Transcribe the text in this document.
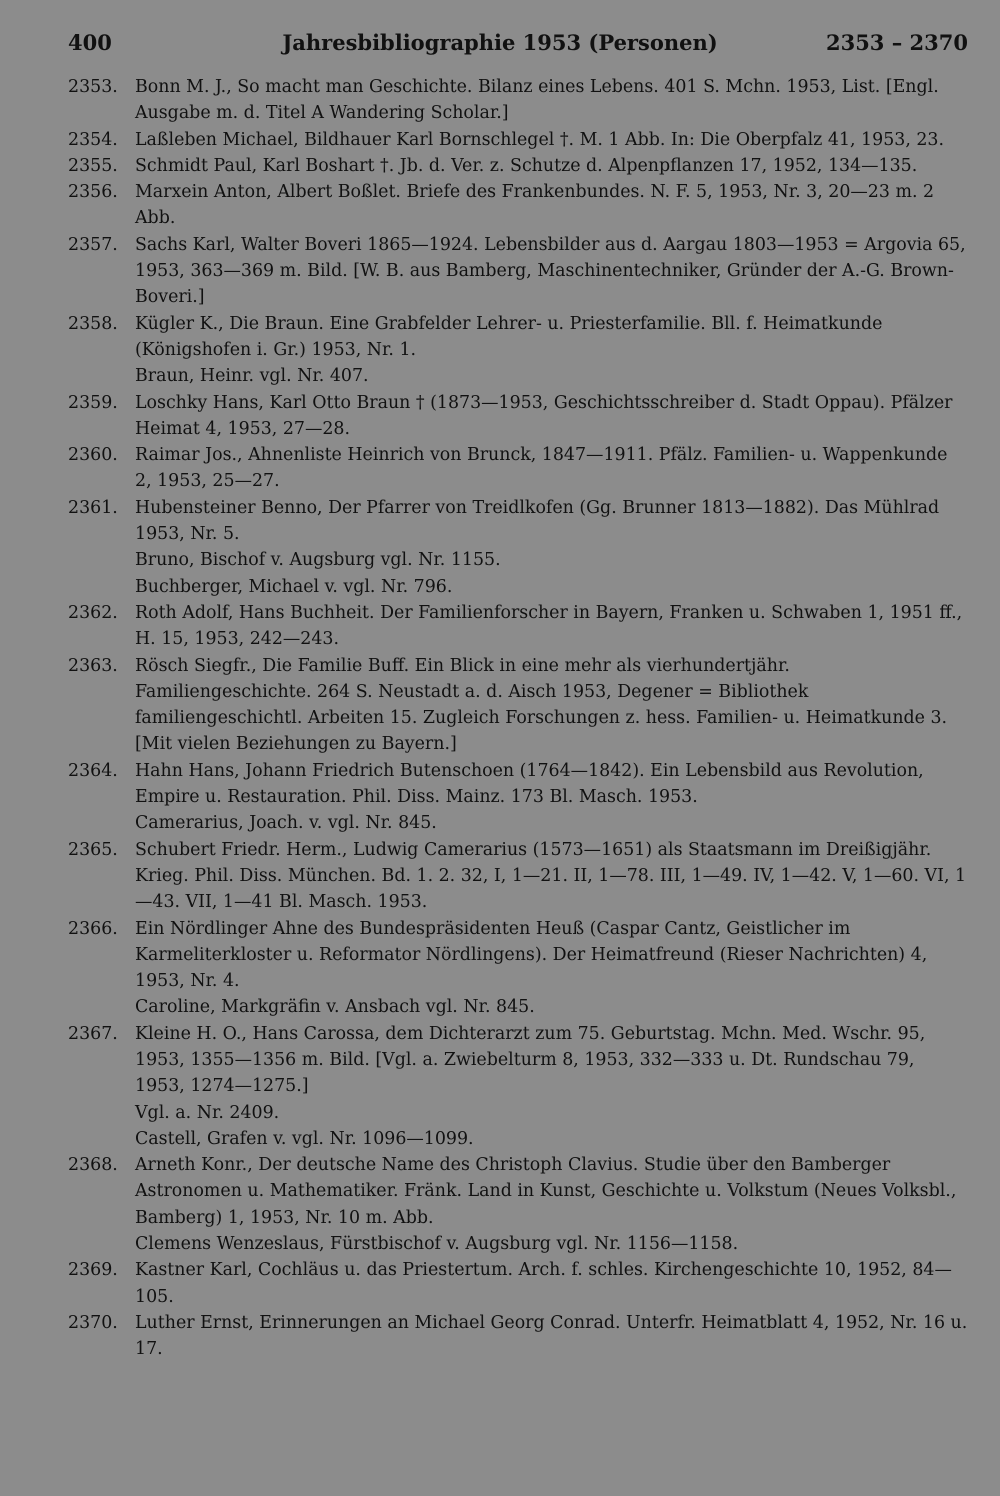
400	Jahresbibliographie 1953 (Personen)	2353 – 2370
2353. Bonn M. J., So macht man Geschichte. Bilanz eines Lebens. 401 S. Mchn. 1953, List. [Engl. Ausgabe m. d. Titel A Wandering Scholar.]
2354. Laßleben Michael, Bildhauer Karl Bornschlegel †. M. 1 Abb. In: Die Oberpfalz 41, 1953, 23.
2355. Schmidt Paul, Karl Boshart †. Jb. d. Ver. z. Schutze d. Alpenpflanzen 17, 1952, 134—135.
2356. Marxein Anton, Albert Boßlet. Briefe des Frankenbundes. N. F. 5, 1953, Nr. 3, 20—23 m. 2 Abb.
2357. Sachs Karl, Walter Boveri 1865—1924. Lebensbilder aus d. Aargau 1803—1953 = Argovia 65, 1953, 363—369 m. Bild. [W. B. aus Bamberg, Maschinentechniker, Gründer der A.-G. Brown-Boveri.]
2358. Kügler K., Die Braun. Eine Grabfelder Lehrer- u. Priesterfamilie. Bll. f. Heimatkunde (Königshofen i. Gr.) 1953, Nr. 1.
Braun, Heinr. vgl. Nr. 407.
2359. Loschky Hans, Karl Otto Braun † (1873—1953, Geschichtsschreiber d. Stadt Oppau). Pfälzer Heimat 4, 1953, 27—28.
2360. Raimar Jos., Ahnenliste Heinrich von Brunck, 1847—1911. Pfälz. Familien- u. Wappenkunde 2, 1953, 25—27.
2361. Hubensteiner Benno, Der Pfarrer von Treidlkofen (Gg. Brunner 1813—1882). Das Mühlrad 1953, Nr. 5.
Bruno, Bischof v. Augsburg vgl. Nr. 1155.
Buchberger, Michael v. vgl. Nr. 796.
2362. Roth Adolf, Hans Buchheit. Der Familienforscher in Bayern, Franken u. Schwaben 1, 1951 ff., H. 15, 1953, 242—243.
2363. Rösch Siegfr., Die Familie Buff. Ein Blick in eine mehr als vierhundertjähr. Familiengeschichte. 264 S. Neustadt a. d. Aisch 1953, Degener = Bibliothek familiengeschichtl. Arbeiten 15. Zugleich Forschungen z. hess. Familien- u. Heimatkunde 3. [Mit vielen Beziehungen zu Bayern.]
2364. Hahn Hans, Johann Friedrich Butenschoen (1764—1842). Ein Lebensbild aus Revolution, Empire u. Restauration. Phil. Diss. Mainz. 173 Bl. Masch. 1953.
Camerarius, Joach. v. vgl. Nr. 845.
2365. Schubert Friedr. Herm., Ludwig Camerarius (1573—1651) als Staatsmann im Dreißigjähr. Krieg. Phil. Diss. München. Bd. 1. 2. 32, I, 1—21. II, 1—78. III, 1—49. IV, 1—42. V, 1—60. VI, 1—43. VII, 1—41 Bl. Masch. 1953.
2366. Ein Nördlinger Ahne des Bundespräsidenten Heuß (Caspar Cantz, Geistlicher im Karmeliterkloster u. Reformator Nördlingens). Der Heimatfreund (Rieser Nachrichten) 4, 1953, Nr. 4.
Caroline, Markgräfin v. Ansbach vgl. Nr. 845.
2367. Kleine H. O., Hans Carossa, dem Dichterarzt zum 75. Geburtstag. Mchn. Med. Wschr. 95, 1953, 1355—1356 m. Bild. [Vgl. a. Zwiebelturm 8, 1953, 332—333 u. Dt. Rundschau 79, 1953, 1274—1275.]
Vgl. a. Nr. 2409.
Castell, Grafen v. vgl. Nr. 1096—1099.
2368. Arneth Konr., Der deutsche Name des Christoph Clavius. Studie über den Bamberger Astronomen u. Mathematiker. Fränk. Land in Kunst, Geschichte u. Volkstum (Neues Volksbl., Bamberg) 1, 1953, Nr. 10 m. Abb.
Clemens Wenzeslaus, Fürstbischof v. Augsburg vgl. Nr. 1156—1158.
2369. Kastner Karl, Cochläus u. das Priestertum. Arch. f. schles. Kirchengeschichte 10, 1952, 84—105.
2370. Luther Ernst, Erinnerungen an Michael Georg Conrad. Unterfr. Heimatblatt 4, 1952, Nr. 16 u. 17.
